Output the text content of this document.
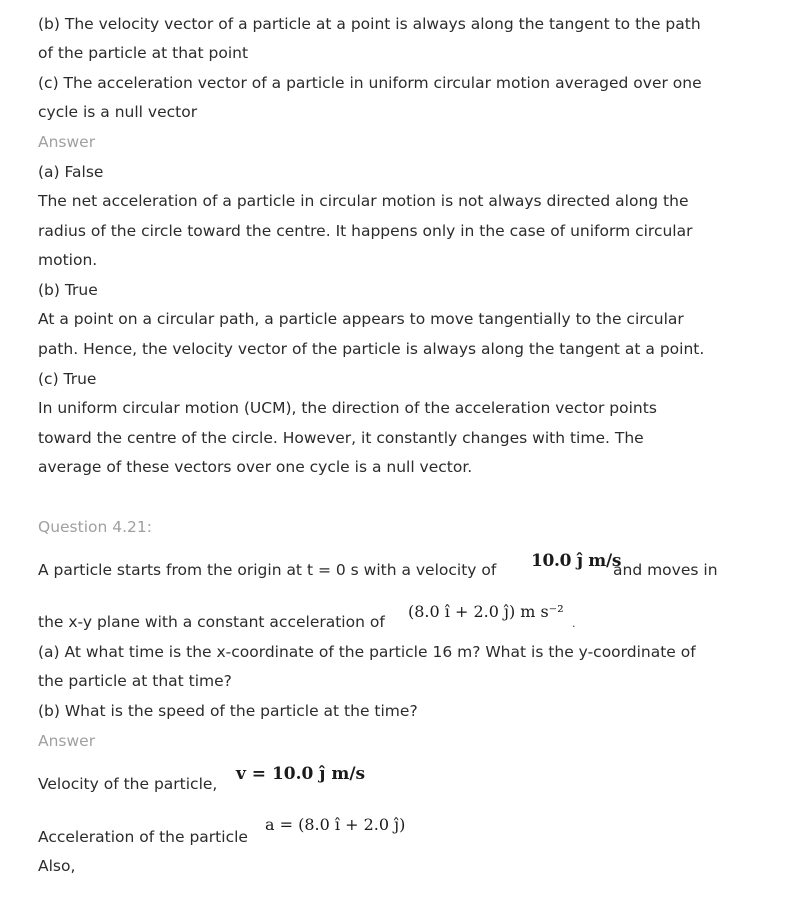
(b) The velocity vector of a particle at a point is always along the tangent to the path
of the particle at that point
(c) The acceleration vector of a particle in uniform circular motion averaged over one
cycle is a null vector
Answer
(a) False
The net acceleration of a particle in circular motion is not always directed along the
radius of the circle toward the centre. It happens only in the case of uniform circular
motion.
(b) True
At a point on a circular path, a particle appears to move tangentially to the circular
path. Hence, the velocity vector of the particle is always along the tangent at a point.
(c) True
In uniform circular motion (UCM), the direction of the acceleration vector points
toward the centre of the circle. However, it constantly changes with time. The
average of these vectors over one cycle is a null vector.
Question 4.21:
A particle starts from the origin at t = 0 s with a velocity of	10.0 ĵ m/s
and moves in
the x-y plane with a constant acceleration of
(8.0 î + 2.0 ĵ) m s⁻²
.
(a) At what time is the x-coordinate of the particle 16 m? What is the y-coordinate of
the particle at that time?
(b) What is the speed of the particle at the time?
Answer
Velocity of the particle, v = 10.0 ĵ m/s
Acceleration of the particle
a = (8.0 î + 2.0 ĵ)
Also,
